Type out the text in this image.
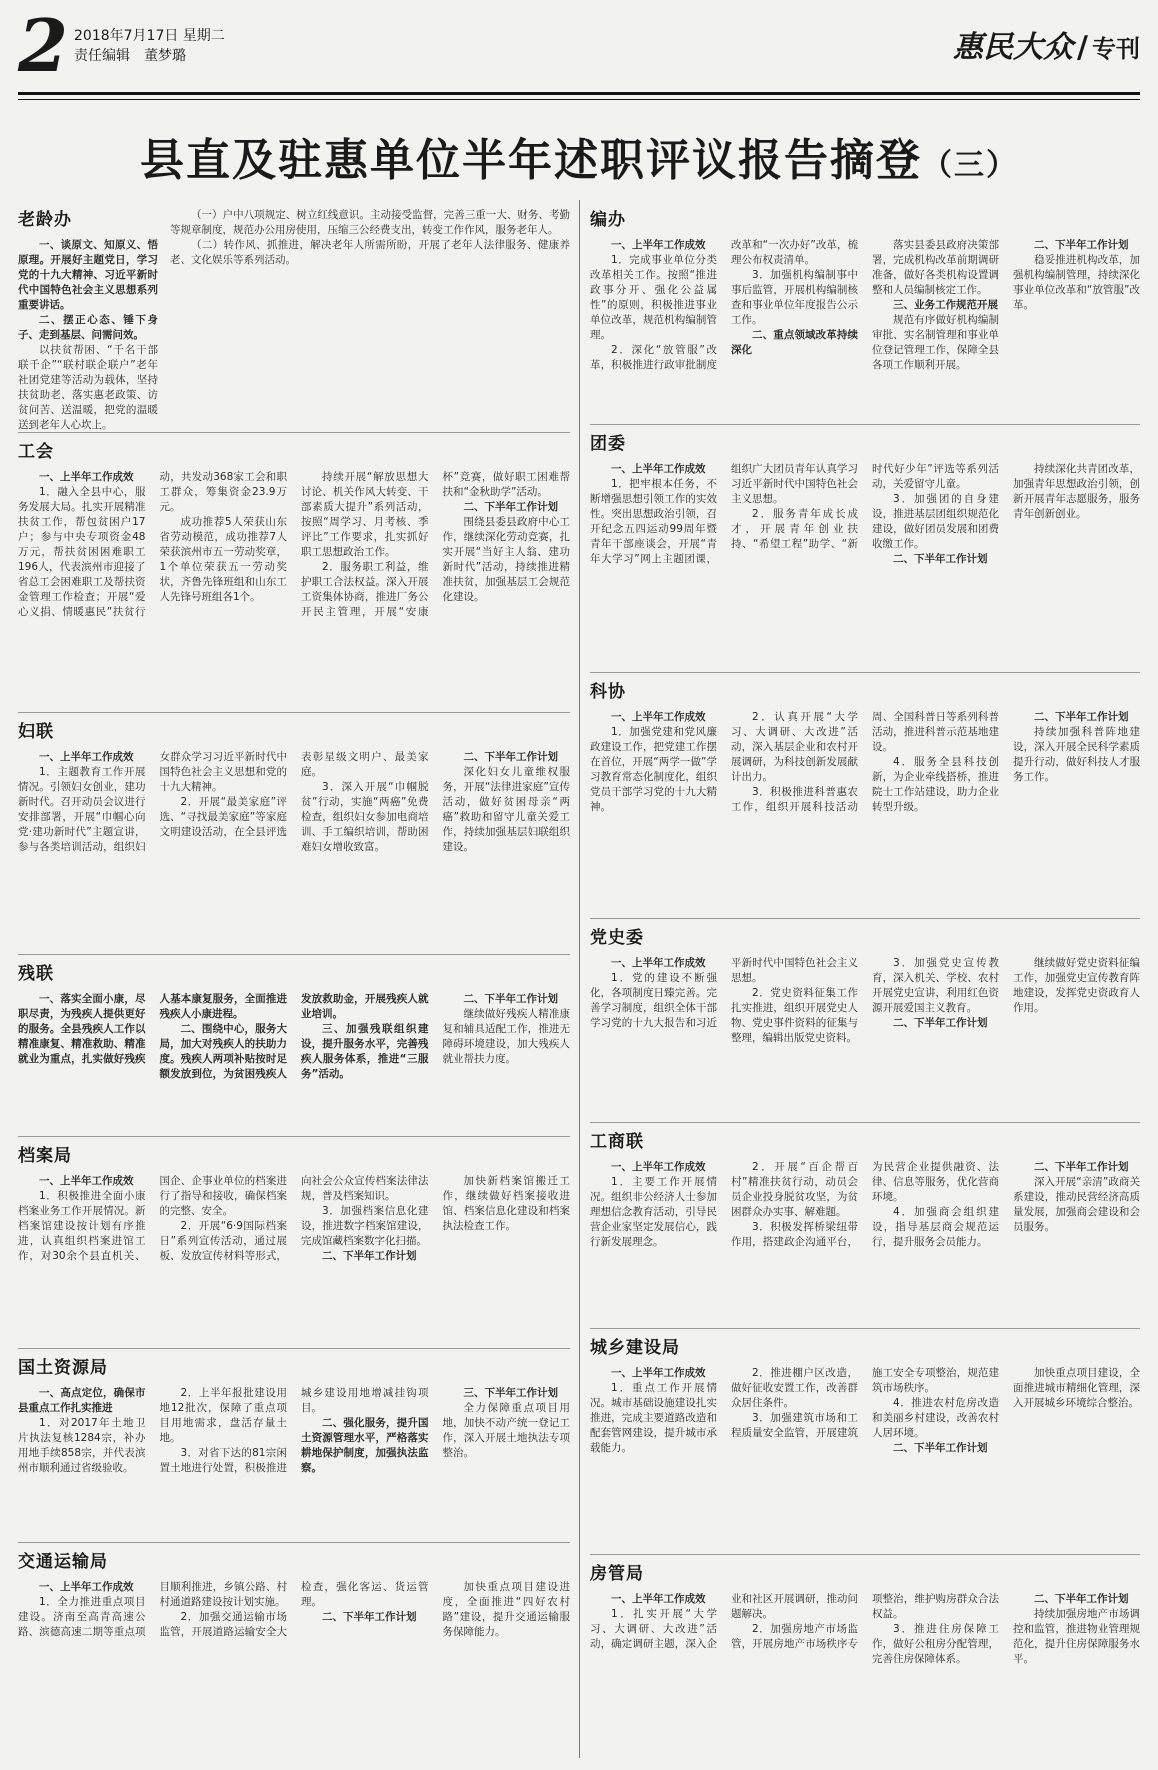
2 2018年7月17日 星期二
责任编辑　董梦璐	惠民大众 / 专刊
县直及驻惠单位半年述职评议报告摘登（三）
老龄办

一、谈原文、知原义、悟原理。开展好主题党日，学习党的十九大精神、习近平新时代中国特色社会主义思想系列重要讲话。

二、摆正心态、锤下身子、走到基层、问需问效。

以扶贫帮困、“千名干部联千企”“联村联企联户”老年社团党建等活动为载体，坚持扶贫助老、落实惠老政策、访贫问苦、送温暖，把党的温暖送到老年人心坎上。

（一）户中八项规定、树立红线意识。主动接受监督，完善三重一大、财务、考勤等规章制度，规范办公用房使用，压缩三公经费支出，转变工作作风，服务老年人。

（二）转作风、抓推进，解决老年人所需所盼，开展了老年人法律服务、健康养老、文化娱乐等系列活动。

工会

一、上半年工作成效

1．融入全县中心，服务发展大局。扎实开展精准扶贫工作，帮包贫困户17户；参与中央专项资金48万元，帮扶贫困困难职工196人，代表滨州市迎接了省总工会困难职工及帮扶资金管理工作检查；开展“爱心义捐、情暖惠民”扶贫行动，共发动368家工会和职工群众，筹集资金23.9万元。

成功推荐5人荣获山东省劳动模范，成功推荐7人荣获滨州市五一劳动奖章，1个单位荣获五一劳动奖状，齐鲁先锋班组和山东工人先锋号班组各1个。

持续开展“解放思想大讨论、机关作风大转变、干部素质大提升”系列活动，按照“周学习、月考核、季评比”工作要求，扎实抓好职工思想政治工作。

2．服务职工利益，维护职工合法权益。深入开展工资集体协商，推进厂务公开民主管理，开展“安康杯”竞赛，做好职工困难帮扶和“金秋助学”活动。

二、下半年工作计划

围绕县委县政府中心工作，继续深化劳动竞赛，扎实开展“当好主人翁、建功新时代”活动，持续推进精准扶贫，加强基层工会规范化建设。

妇联

一、上半年工作成效

1．主题教育工作开展情况。引领妇女创业，建功新时代。召开动员会议进行安排部署，开展“巾帼心向党·建功新时代”主题宣讲，参与各类培训活动，组织妇女群众学习习近平新时代中国特色社会主义思想和党的十九大精神。

2．开展“最美家庭”评选、“寻找最美家庭”等家庭文明建设活动，在全县评选表彰星级文明户、最美家庭。

3．深入开展“巾帼脱贫”行动，实施“两癌”免费检查，组织妇女参加电商培训、手工编织培训，帮助困难妇女增收致富。

二、下半年工作计划

深化妇女儿童维权服务，开展“法律进家庭”宣传活动，做好贫困母亲“两癌”救助和留守儿童关爱工作，持续加强基层妇联组织建设。

残联

一、落实全面小康，尽职尽责，为残疾人提供更好的服务。全县残疾人工作以精准康复、精准救助、精准就业为重点，扎实做好残疾人基本康复服务，全面推进残疾人小康进程。

二、围绕中心，服务大局，加大对残疾人的扶助力度。残疾人两项补贴按时足额发放到位，为贫困残疾人发放救助金，开展残疾人就业培训。

三、加强残联组织建设，提升服务水平，完善残疾人服务体系，推进“三服务”活动。

二、下半年工作计划

继续做好残疾人精准康复和辅具适配工作，推进无障碍环境建设，加大残疾人就业帮扶力度。

档案局

一、上半年工作成效

1．积极推进全面小康档案业务工作开展情况。新档案馆建设按计划有序推进，认真组织档案进馆工作，对30余个县直机关、国企、企事业单位的档案进行了指导和接收，确保档案的完整、安全。

2．开展“6·9国际档案日”系列宣传活动，通过展板、发放宣传材料等形式，向社会公众宣传档案法律法规，普及档案知识。

3．加强档案信息化建设，推进数字档案馆建设，完成馆藏档案数字化扫描。

二、下半年工作计划

加快新档案馆搬迁工作，继续做好档案接收进馆、档案信息化建设和档案执法检查工作。

国土资源局

一、高点定位，确保市县重点工作扎实推进

1．对2017年土地卫片执法复核1284宗，补办用地手续858宗，并代表滨州市顺利通过省级验收。

2．上半年报批建设用地12批次，保障了重点项目用地需求，盘活存量土地。

3．对省下达的81宗闲置土地进行处置，积极推进城乡建设用地增减挂钩项目。

二、强化服务，提升国土资源管理水平，严格落实耕地保护制度，加强执法监察。

三、下半年工作计划

全力保障重点项目用地，加快不动产统一登记工作，深入开展土地执法专项整治。

交通运输局

一、上半年工作成效

1．全力推进重点项目建设。济南至高青高速公路、滨德高速二期等重点项目顺利推进，乡镇公路、村村通道路建设按计划实施。

2．加强交通运输市场监管，开展道路运输安全大检查，强化客运、货运管理。

二、下半年工作计划

加快重点项目建设进度，全面推进“四好农村路”建设，提升交通运输服务保障能力。

编办

一、上半年工作成效

1．完成事业单位分类改革相关工作。按照“推进政事分开、强化公益属性”的原则，积极推进事业单位改革，规范机构编制管理。

2．深化“放管服”改革，积极推进行政审批制度改革和“一次办好”改革，梳理公布权责清单。

3．加强机构编制事中事后监管，开展机构编制核查和事业单位年度报告公示工作。

二、重点领域改革持续深化

落实县委县政府决策部署，完成机构改革前期调研准备，做好各类机构设置调整和人员编制核定工作。

三、业务工作规范开展

规范有序做好机构编制审批、实名制管理和事业单位登记管理工作，保障全县各项工作顺利开展。

二、下半年工作计划

稳妥推进机构改革，加强机构编制管理，持续深化事业单位改革和“放管服”改革。

团委

一、上半年工作成效

1．把牢根本任务，不断增强思想引领工作的实效性。突出思想政治引领，召开纪念五四运动99周年暨青年干部座谈会，开展“青年大学习”网上主题团课，组织广大团员青年认真学习习近平新时代中国特色社会主义思想。

2．服务青年成长成才，开展青年创业扶持、“希望工程”助学、“新时代好少年”评选等系列活动，关爱留守儿童。

3．加强团的自身建设，推进基层团组织规范化建设，做好团员发展和团费收缴工作。

二、下半年工作计划

持续深化共青团改革，加强青年思想政治引领，创新开展青年志愿服务，服务青年创新创业。

科协

一、上半年工作成效

1．加强党建和党风廉政建设工作，把党建工作摆在首位，开展“两学一做”学习教育常态化制度化，组织党员干部学习党的十九大精神。

2．认真开展“大学习、大调研、大改进”活动，深入基层企业和农村开展调研，为科技创新发展献计出力。

3．积极推进科普惠农工作，组织开展科技活动周、全国科普日等系列科普活动，推进科普示范基地建设。

4．服务全县科技创新，为企业牵线搭桥，推进院士工作站建设，助力企业转型升级。

二、下半年工作计划

持续加强科普阵地建设，深入开展全民科学素质提升行动，做好科技人才服务工作。

党史委

一、上半年工作成效

1．党的建设不断强化，各项制度日臻完善。完善学习制度，组织全体干部学习党的十九大报告和习近平新时代中国特色社会主义思想。

2．党史资料征集工作扎实推进，组织开展党史人物、党史事件资料的征集与整理，编辑出版党史资料。

3．加强党史宣传教育，深入机关、学校、农村开展党史宣讲，利用红色资源开展爱国主义教育。

二、下半年工作计划

继续做好党史资料征编工作，加强党史宣传教育阵地建设，发挥党史资政育人作用。

工商联

一、上半年工作成效

1．主要工作开展情况。组织非公经济人士参加理想信念教育活动，引导民营企业家坚定发展信心，践行新发展理念。

2．开展“百企帮百村”精准扶贫行动，动员会员企业投身脱贫攻坚，为贫困群众办实事、解难题。

3．积极发挥桥梁纽带作用，搭建政企沟通平台，为民营企业提供融资、法律、信息等服务，优化营商环境。

4．加强商会组织建设，指导基层商会规范运行，提升服务会员能力。

二、下半年工作计划

深入开展“亲清”政商关系建设，推动民营经济高质量发展，加强商会建设和会员服务。

城乡建设局

一、上半年工作成效

1．重点工作开展情况。城市基础设施建设扎实推进，完成主要道路改造和配套管网建设，提升城市承载能力。

2．推进棚户区改造，做好征收安置工作，改善群众居住条件。

3．加强建筑市场和工程质量安全监管，开展建筑施工安全专项整治，规范建筑市场秩序。

4．推进农村危房改造和美丽乡村建设，改善农村人居环境。

二、下半年工作计划

加快重点项目建设，全面推进城市精细化管理，深入开展城乡环境综合整治。

房管局

一、上半年工作成效

1．扎实开展“大学习、大调研、大改进”活动，确定调研主题，深入企业和社区开展调研，推动问题解决。

2．加强房地产市场监管，开展房地产市场秩序专项整治，维护购房群众合法权益。

3．推进住房保障工作，做好公租房分配管理，完善住房保障体系。

二、下半年工作计划

持续加强房地产市场调控和监管，推进物业管理规范化，提升住房保障服务水平。
